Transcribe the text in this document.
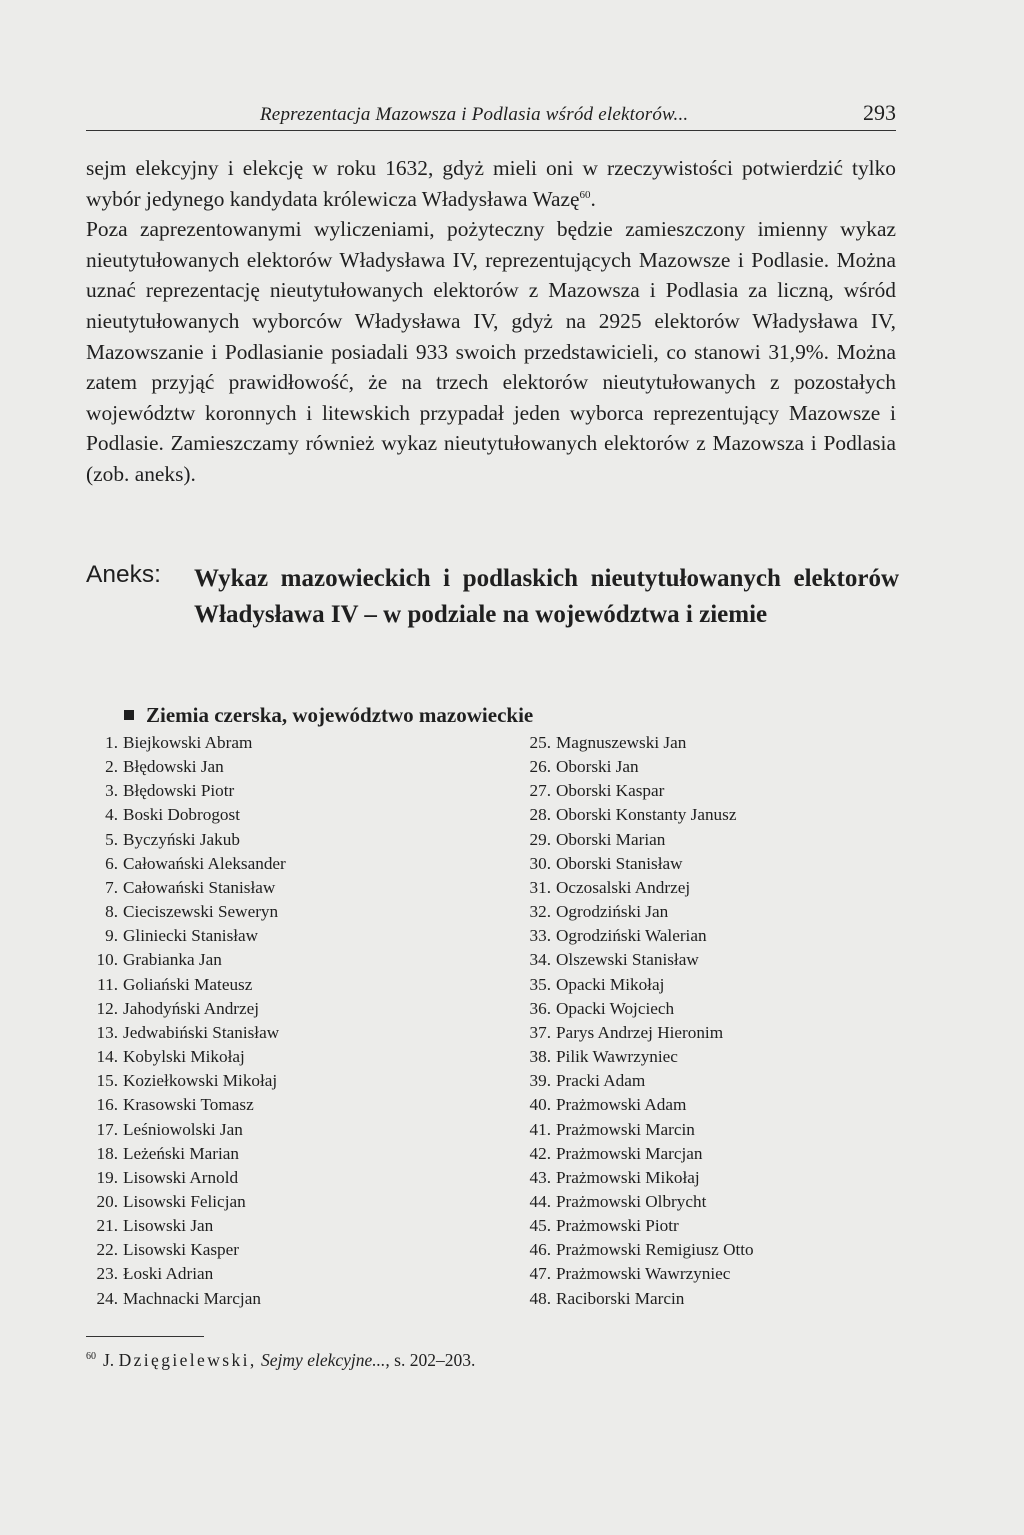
Reprezentacja Mazowsza i Podlasia wśród elektorów...	293

sejm elekcyjny i elekcję w roku 1632, gdyż mieli oni w rzeczywistości potwierdzić tylko wybór jedynego kandydata królewicza Władysława Wazę$^{60}$.

Poza zaprezentowanymi wyliczeniami, pożyteczny będzie zamieszczony imienny wykaz nieutytułowanych elektorów Władysława IV, reprezentujących Mazowsze i Podlasie. Można uznać reprezentację nieutytułowanych elektorów z Mazowsza i Podlasia za liczną, wśród nieutytułowanych wyborców Władysława IV, gdyż na 2925 elektorów Władysława IV, Mazowszanie i Podlasianie posiadali 933 swoich przedstawicieli, co stanowi 31,9%. Można zatem przyjąć prawidłowość, że na trzech elektorów nieutytułowanych z pozostałych województw koronnych i litewskich przypadał jeden wyborca reprezentujący Mazowsze i Podlasie. Zamieszczamy również wykaz nieutytułowanych elektorów z Mazowsza i Podlasia (zob. aneks).

Aneks: Wykaz mazowieckich i podlaskich nieutytułowanych elektorów Władysława IV – w podziale na województwa i ziemie
Ziemia czerska, województwo mazowieckie
1. Biejkowski Abram
2. Błędowski Jan
3. Błędowski Piotr
4. Boski Dobrogost
5. Byczyński Jakub
6. Całowański Aleksander
7. Całowański Stanisław
8. Cieciszewski Seweryn
9. Gliniecki Stanisław
10. Grabianka Jan
11. Goliański Mateusz
12. Jahodyński Andrzej
13. Jedwabiński Stanisław
14. Kobylski Mikołaj
15. Koziełkowski Mikołaj
16. Krasowski Tomasz
17. Leśniowolski Jan
18. Leżeński Marian
19. Lisowski Arnold
20. Lisowski Felicjan
21. Lisowski Jan
22. Lisowski Kasper
23. Łoski Adrian
24. Machnacki Marcjan
25. Magnuszewski Jan
26. Oborski Jan
27. Oborski Kaspar
28. Oborski Konstanty Janusz
29. Oborski Marian
30. Oborski Stanisław
31. Oczosalski Andrzej
32. Ogrodziński Jan
33. Ogrodziński Walerian
34. Olszewski Stanisław
35. Opacki Mikołaj
36. Opacki Wojciech
37. Parys Andrzej Hieronim
38. Pilik Wawrzyniec
39. Pracki Adam
40. Prażmowski Adam
41. Prażmowski Marcin
42. Prażmowski Marcjan
43. Prażmowski Mikołaj
44. Prażmowski Olbrycht
45. Prażmowski Piotr
46. Prażmowski Remigiusz Otto
47. Prażmowski Wawrzyniec
48. Raciborski Marcin
$^{60}$ J. Dzięgielewski, Sejmy elekcyjne..., s. 202–203.
